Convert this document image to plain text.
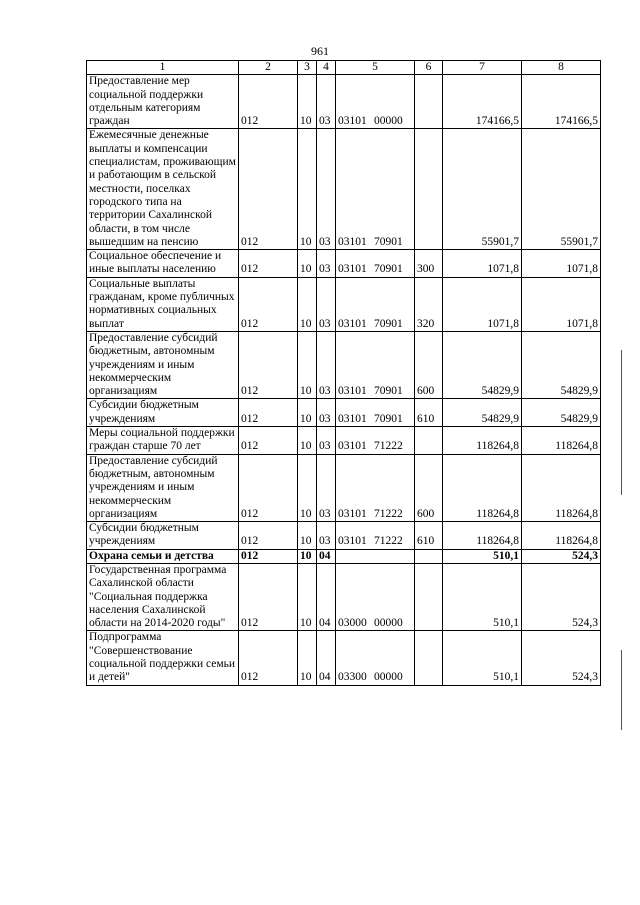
961
1	2	3	4	5	6	7	8
Предоставление мер социальной поддержки отдельным категориям граждан	012	10	03	03101 00000		174166,5	174166,5
Ежемесячные денежные выплаты и компенсации специалистам, проживающим и работающим в сельской местности, поселках городского типа на территории Сахалинской области, в том числе вышедшим на пенсию	012	10	03	03101 70901		55901,7	55901,7
Социальное обеспечение и иные выплаты населению	012	10	03	03101 70901	300	1071,8	1071,8
Социальные выплаты гражданам, кроме публичных нормативных социальных выплат	012	10	03	03101 70901	320	1071,8	1071,8
Предоставление субсидий бюджетным, автономным учреждениям и иным некоммерческим организациям	012	10	03	03101 70901	600	54829,9	54829,9
Субсидии бюджетным учреждениям	012	10	03	03101 70901	610	54829,9	54829,9
Меры социальной поддержки граждан старше 70 лет	012	10	03	03101 71222		118264,8	118264,8
Предоставление субсидий бюджетным, автономным учреждениям и иным некоммерческим организациям	012	10	03	03101 71222	600	118264,8	118264,8
Субсидии бюджетным учреждениям	012	10	03	03101 71222	610	118264,8	118264,8
Охрана семьи и детства	012	10	04			510,1	524,3
Государственная программа Сахалинской области "Социальная поддержка населения Сахалинской области на 2014-2020 годы"	012	10	04	03000 00000		510,1	524,3
Подпрограмма "Совершенствование социальной поддержки семьи и детей"	012	10	04	03300 00000		510,1	524,3
